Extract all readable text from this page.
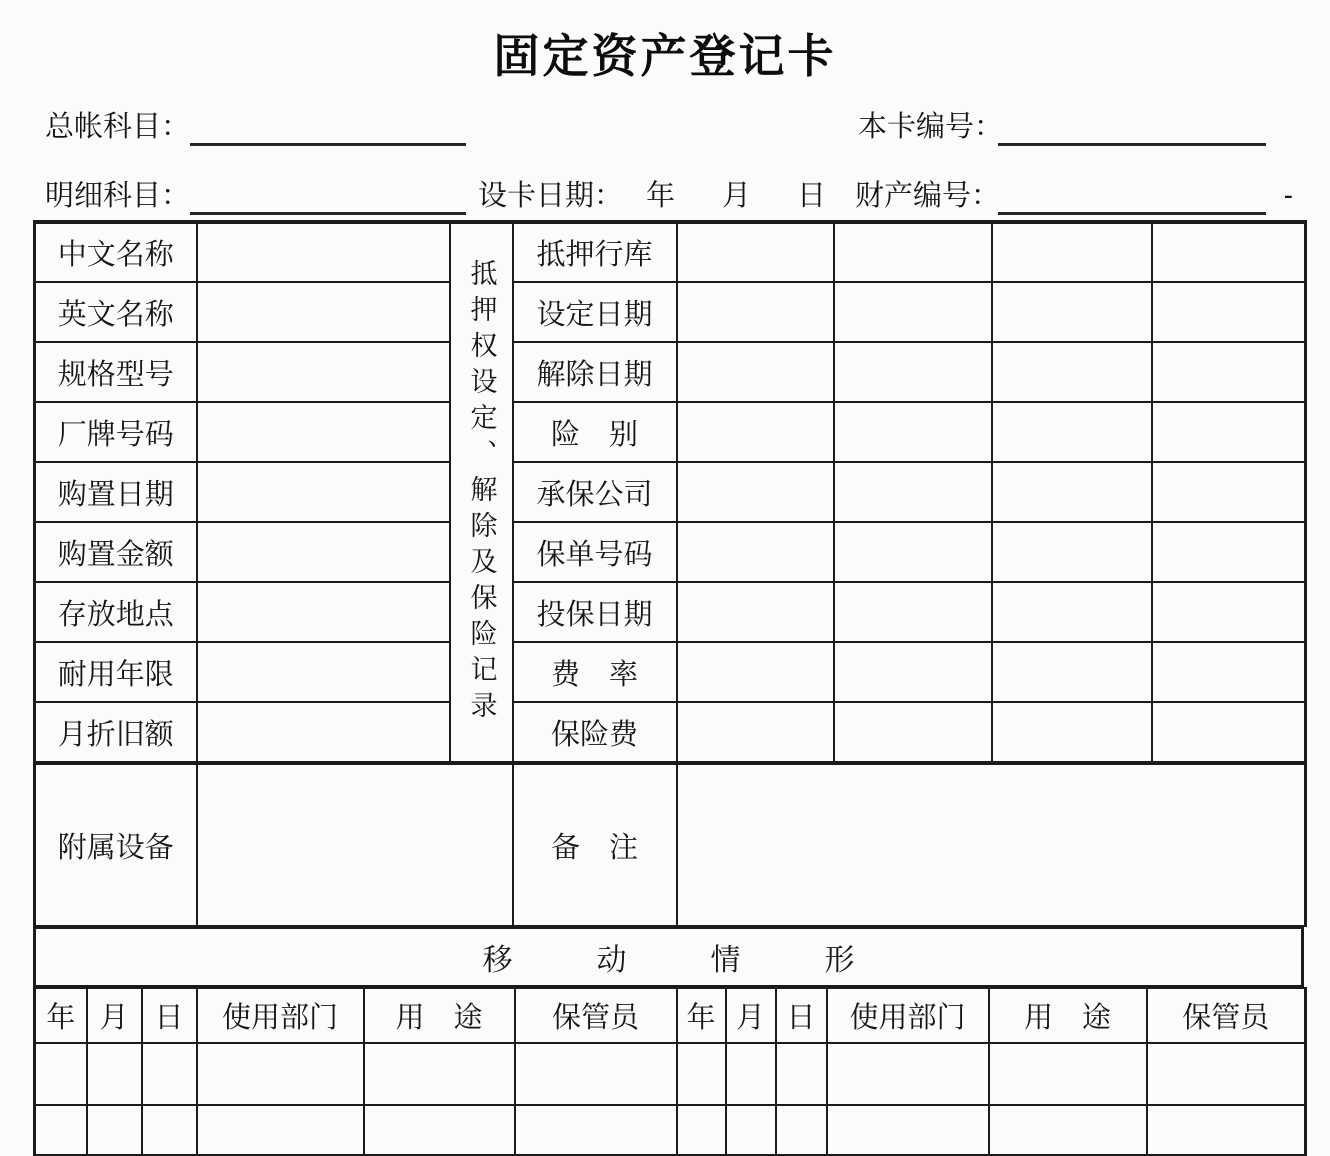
固定资产登记卡
总帐科目：	本卡编号：
明细科目：	设卡日期： 年 月 日 财产编号：	-
中文名称		抵押权设定、解除及保险记录	抵押行库				
英文名称			设定日期				
规格型号			解除日期				
厂牌号码			险　别				
购置日期			承保公司				
购置金额			保单号码				
存放地点			投保日期				
耐用年限			费　率				
月折旧额			保险费				
附属设备		备　注	
移动情形
年	月	日	使用部门	用　途	保管员	年	月	日	使用部门	用　途	保管员
